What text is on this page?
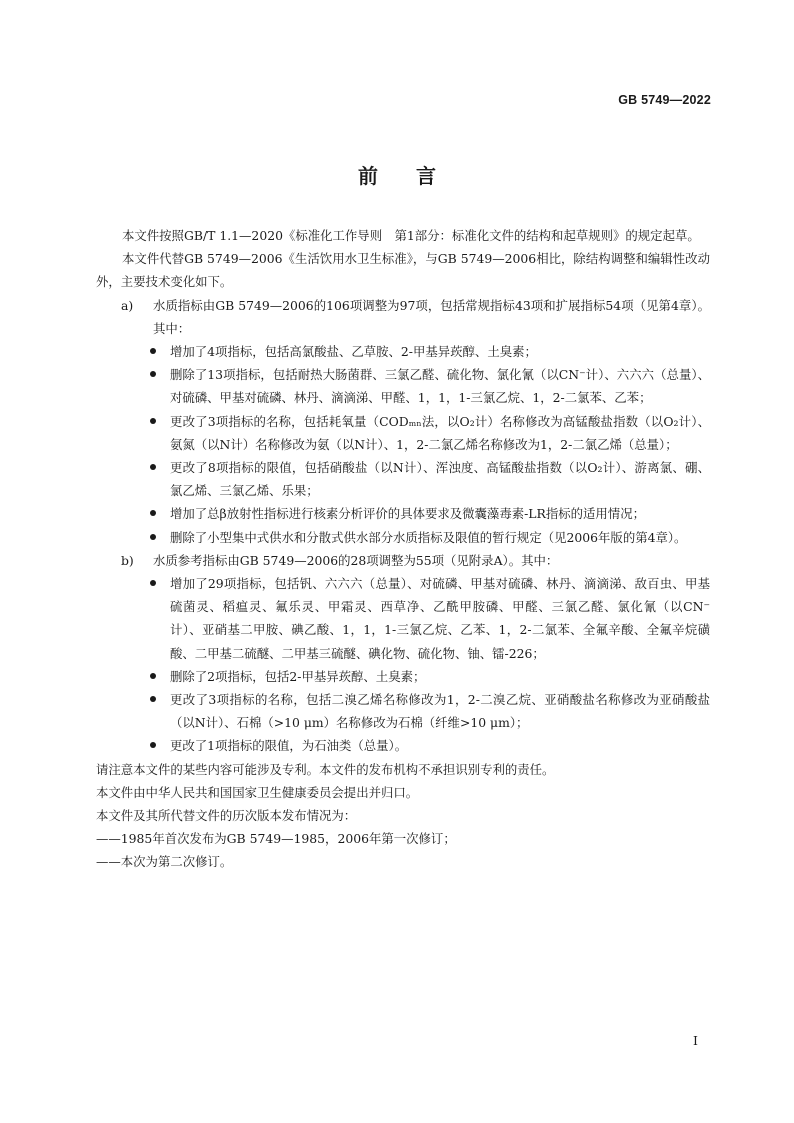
GB 5749—2022
前言

本文件按照GB/T 1.1—2020《标准化工作导则　第1部分：标准化文件的结构和起草规则》的规定起草。

本文件代替GB 5749—2006《生活饮用水卫生标准》，与GB 5749—2006相比，除结构调整和编辑性改动外，主要技术变化如下。

a) 水质指标由GB 5749—2006的106项调整为97项，包括常规指标43项和扩展指标54项（见第4章）。其中：
增加了4项指标，包括高氯酸盐、乙草胺、2-甲基异莰醇、土臭素；
删除了13项指标，包括耐热大肠菌群、三氯乙醛、硫化物、氯化氰（以CN⁻计）、六六六（总量）、对硫磷、甲基对硫磷、林丹、滴滴涕、甲醛、1，1，1-三氯乙烷、1，2-二氯苯、乙苯；
更改了3项指标的名称，包括耗氧量（CODₘₙ法，以O₂计）名称修改为高锰酸盐指数（以O₂计）、氨氮（以N计）名称修改为氨（以N计）、1，2-二氯乙烯名称修改为1，2-二氯乙烯（总量）；
更改了8项指标的限值，包括硝酸盐（以N计）、浑浊度、高锰酸盐指数（以O₂计）、游离氯、硼、氯乙烯、三氯乙烯、乐果；
增加了总β放射性指标进行核素分析评价的具体要求及微囊藻毒素-LR指标的适用情况；
删除了小型集中式供水和分散式供水部分水质指标及限值的暂行规定（见2006年版的第4章）。
b) 水质参考指标由GB 5749—2006的28项调整为55项（见附录A）。其中：
增加了29项指标，包括钒、六六六（总量）、对硫磷、甲基对硫磷、林丹、滴滴涕、敌百虫、甲基硫菌灵、稻瘟灵、氟乐灵、甲霜灵、西草净、乙酰甲胺磷、甲醛、三氯乙醛、氯化氰（以CN⁻计）、亚硝基二甲胺、碘乙酸、1，1，1-三氯乙烷、乙苯、1，2-二氯苯、全氟辛酸、全氟辛烷磺酸、二甲基二硫醚、二甲基三硫醚、碘化物、硫化物、铀、镭-226；
删除了2项指标，包括2-甲基异莰醇、土臭素；
更改了3项指标的名称，包括二溴乙烯名称修改为1，2-二溴乙烷、亚硝酸盐名称修改为亚硝酸盐（以N计）、石棉（>10 μm）名称修改为石棉（纤维>10 μm）；
更改了1项指标的限值，为石油类（总量）。

请注意本文件的某些内容可能涉及专利。本文件的发布机构不承担识别专利的责任。

本文件由中华人民共和国国家卫生健康委员会提出并归口。

本文件及其所代替文件的历次版本发布情况为：

——1985年首次发布为GB 5749—1985，2006年第一次修订；

——本次为第二次修订。

I
